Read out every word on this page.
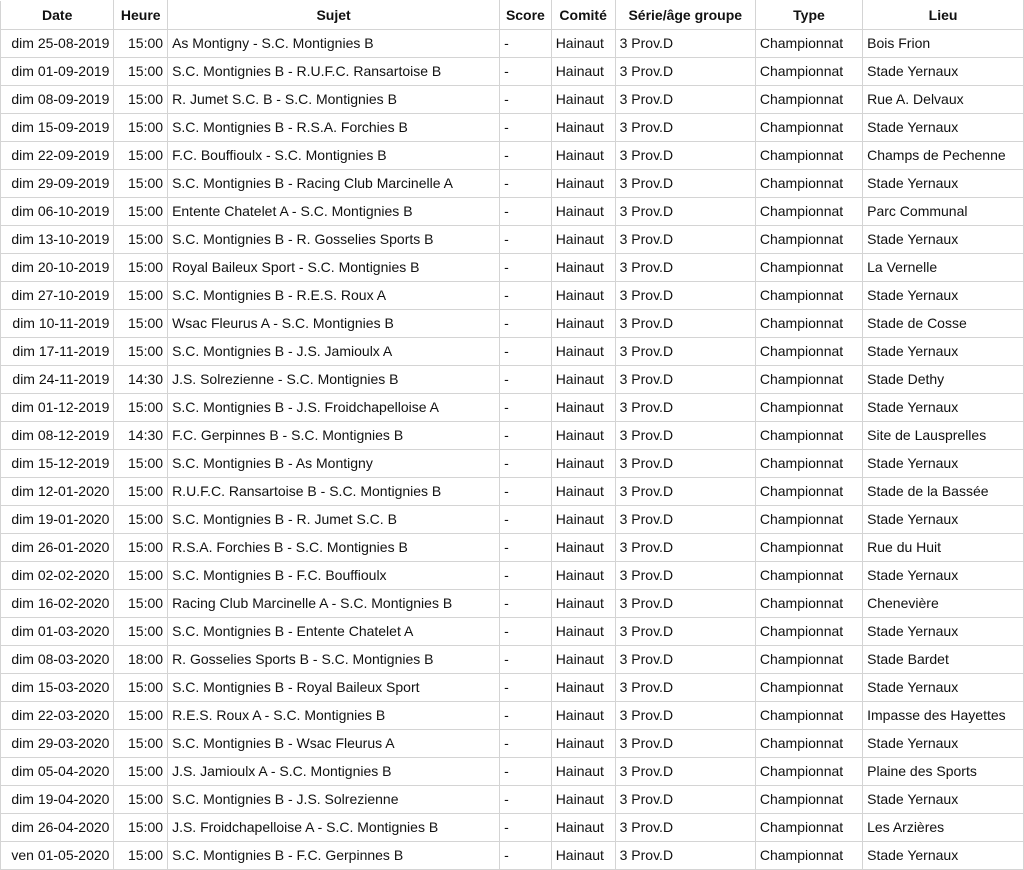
Date	Heure	Sujet	Score	Comité	Série/âge groupe	Type	Lieu
dim 25-08-2019	15:00	As Montigny - S.C. Montignies B	-	Hainaut	3 Prov.D	Championnat	Bois Frion
dim 01-09-2019	15:00	S.C. Montignies B - R.U.F.C. Ransartoise B	-	Hainaut	3 Prov.D	Championnat	Stade Yernaux
dim 08-09-2019	15:00	R. Jumet S.C. B - S.C. Montignies B	-	Hainaut	3 Prov.D	Championnat	Rue A. Delvaux
dim 15-09-2019	15:00	S.C. Montignies B - R.S.A. Forchies B	-	Hainaut	3 Prov.D	Championnat	Stade Yernaux
dim 22-09-2019	15:00	F.C. Bouffioulx - S.C. Montignies B	-	Hainaut	3 Prov.D	Championnat	Champs de Pechenne
dim 29-09-2019	15:00	S.C. Montignies B - Racing Club Marcinelle A	-	Hainaut	3 Prov.D	Championnat	Stade Yernaux
dim 06-10-2019	15:00	Entente Chatelet A - S.C. Montignies B	-	Hainaut	3 Prov.D	Championnat	Parc Communal
dim 13-10-2019	15:00	S.C. Montignies B - R. Gosselies Sports B	-	Hainaut	3 Prov.D	Championnat	Stade Yernaux
dim 20-10-2019	15:00	Royal Baileux Sport - S.C. Montignies B	-	Hainaut	3 Prov.D	Championnat	La Vernelle
dim 27-10-2019	15:00	S.C. Montignies B - R.E.S. Roux A	-	Hainaut	3 Prov.D	Championnat	Stade Yernaux
dim 10-11-2019	15:00	Wsac Fleurus A - S.C. Montignies B	-	Hainaut	3 Prov.D	Championnat	Stade de Cosse
dim 17-11-2019	15:00	S.C. Montignies B - J.S. Jamioulx A	-	Hainaut	3 Prov.D	Championnat	Stade Yernaux
dim 24-11-2019	14:30	J.S. Solrezienne - S.C. Montignies B	-	Hainaut	3 Prov.D	Championnat	Stade Dethy
dim 01-12-2019	15:00	S.C. Montignies B - J.S. Froidchapelloise A	-	Hainaut	3 Prov.D	Championnat	Stade Yernaux
dim 08-12-2019	14:30	F.C. Gerpinnes B - S.C. Montignies B	-	Hainaut	3 Prov.D	Championnat	Site de Lausprelles
dim 15-12-2019	15:00	S.C. Montignies B - As Montigny	-	Hainaut	3 Prov.D	Championnat	Stade Yernaux
dim 12-01-2020	15:00	R.U.F.C. Ransartoise B - S.C. Montignies B	-	Hainaut	3 Prov.D	Championnat	Stade de la Bassée
dim 19-01-2020	15:00	S.C. Montignies B - R. Jumet S.C. B	-	Hainaut	3 Prov.D	Championnat	Stade Yernaux
dim 26-01-2020	15:00	R.S.A. Forchies B - S.C. Montignies B	-	Hainaut	3 Prov.D	Championnat	Rue du Huit
dim 02-02-2020	15:00	S.C. Montignies B - F.C. Bouffioulx	-	Hainaut	3 Prov.D	Championnat	Stade Yernaux
dim 16-02-2020	15:00	Racing Club Marcinelle A - S.C. Montignies B	-	Hainaut	3 Prov.D	Championnat	Chenevière
dim 01-03-2020	15:00	S.C. Montignies B - Entente Chatelet A	-	Hainaut	3 Prov.D	Championnat	Stade Yernaux
dim 08-03-2020	18:00	R. Gosselies Sports B - S.C. Montignies B	-	Hainaut	3 Prov.D	Championnat	Stade Bardet
dim 15-03-2020	15:00	S.C. Montignies B - Royal Baileux Sport	-	Hainaut	3 Prov.D	Championnat	Stade Yernaux
dim 22-03-2020	15:00	R.E.S. Roux A - S.C. Montignies B	-	Hainaut	3 Prov.D	Championnat	Impasse des Hayettes
dim 29-03-2020	15:00	S.C. Montignies B - Wsac Fleurus A	-	Hainaut	3 Prov.D	Championnat	Stade Yernaux
dim 05-04-2020	15:00	J.S. Jamioulx A - S.C. Montignies B	-	Hainaut	3 Prov.D	Championnat	Plaine des Sports
dim 19-04-2020	15:00	S.C. Montignies B - J.S. Solrezienne	-	Hainaut	3 Prov.D	Championnat	Stade Yernaux
dim 26-04-2020	15:00	J.S. Froidchapelloise A - S.C. Montignies B	-	Hainaut	3 Prov.D	Championnat	Les Arzières
ven 01-05-2020	15:00	S.C. Montignies B - F.C. Gerpinnes B	-	Hainaut	3 Prov.D	Championnat	Stade Yernaux
